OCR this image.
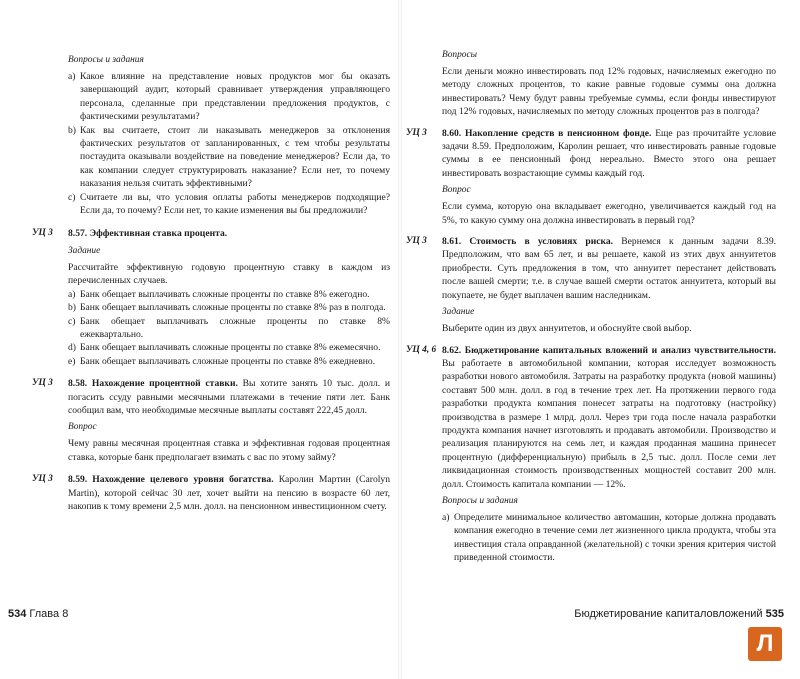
Вопросы и задания
a) Какое влияние на представление новых продуктов мог бы оказать завершающий аудит, который сравнивает утверждения управляющего персонала, сделанные при представлении предложения продуктов, с фактическими результатами?
b) Как вы считаете, стоит ли наказывать менеджеров за отклонения фактических результатов от запланированных, с тем чтобы результаты постаудита оказывали воздействие на поведение менеджеров? Если да, то как компании следует структурировать наказание? Если нет, то почему наказания нельзя считать эффективными?
c) Считаете ли вы, что условия оплаты работы менеджеров подходящие? Если да, то почему? Если нет, то какие изменения вы бы предложили?
УЦ 3 8.57. Эффективная ставка процента.

Задание

Рассчитайте эффективную годовую процентную ставку в каждом из перечисленных случаев.

a) Банк обещает выплачивать сложные проценты по ставке 8% ежегодно.
b) Банк обещает выплачивать сложные проценты по ставке 8% раз в полгода.
c) Банк обещает выплачивать сложные проценты по ставке 8% ежеквартально.
d) Банк обещает выплачивать сложные проценты по ставке 8% ежемесячно.
e) Банк обещает выплачивать сложные проценты по ставке 8% ежедневно.
УЦ 3 8.58. Нахождение процентной ставки. Вы хотите занять 10 тыс. долл. и погасить ссуду равными месячными платежами в течение пяти лет. Банк сообщил вам, что необходимые месячные выплаты составят 222,45 долл.

Вопрос

Чему равны месячная процентная ставка и эффективная годовая процентная ставка, которые банк предполагает взимать с вас по этому займу?

УЦ 3 8.59. Нахождение целевого уровня богатства. Каролин Мартин (Carolyn Martin), которой сейчас 30 лет, хочет выйти на пенсию в возрасте 60 лет, накопив к тому времени 2,5 млн. долл. на пенсионном инвестиционном счету.

534 Глава 8
Вопросы

Если деньги можно инвестировать под 12% годовых, начисляемых ежегодно по методу сложных процентов, то какие равные годовые суммы она должна инвестировать? Чему будут равны требуемые суммы, если фонды инвестируют под 12% годовых, начисляемых по методу сложных процентов раз в полгода?

УЦ 3 8.60. Накопление средств в пенсионном фонде. Еще раз прочитайте условие задачи 8.59. Предположим, Каролин решает, что инвестировать равные годовые суммы в ее пенсионный фонд нереально. Вместо этого она решает инвестировать возрастающие суммы каждый год.

Вопрос

Если сумма, которую она вкладывает ежегодно, увеличивается каждый год на 5%, то какую сумму она должна инвестировать в первый год?

УЦ 3 8.61. Стоимость в условиях риска. Вернемся к данным задачи 8.39. Предположим, что вам 65 лет, и вы решаете, какой из этих двух аннуитетов приобрести. Суть предложения в том, что аннуитет перестанет действовать после вашей смерти; т.е. в случае вашей смерти остаток аннуитета, который вы покупаете, не будет выплачен вашим наследникам.

Задание

Выберите один из двух аннуитетов, и обоснуйте свой выбор.

УЦ 4, 6 8.62. Бюджетирование капитальных вложений и анализ чувствительности. Вы работаете в автомобильной компании, которая исследует возможность разработки нового автомобиля. Затраты на разработку продукта (новой машины) составят 500 млн. долл. в год в течение трех лет. На протяжении первого года разработки продукта компания понесет затраты на подготовку (настройку) производства в размере 1 млрд. долл. Через три года после начала разработки продукта компания начнет изготовлять и продавать автомобили. Производство и реализация планируются на семь лет, и каждая проданная машина принесет процентную (дифференциальную) прибыль в 2,5 тыс. долл. После семи лет ликвидационная стоимость производственных мощностей составит 200 млн. долл. Стоимость капитала компании — 12%.

Вопросы и задания
a) Определите минимальное количество автомашин, которые должна продавать компания ежегодно в течение семи лет жизненного цикла продукта, чтобы эта инвестиция стала оправданной (желательной) с точки зрения критерия чистой приведенной стоимости.
Бюджетирование капиталовложений 535
Л
